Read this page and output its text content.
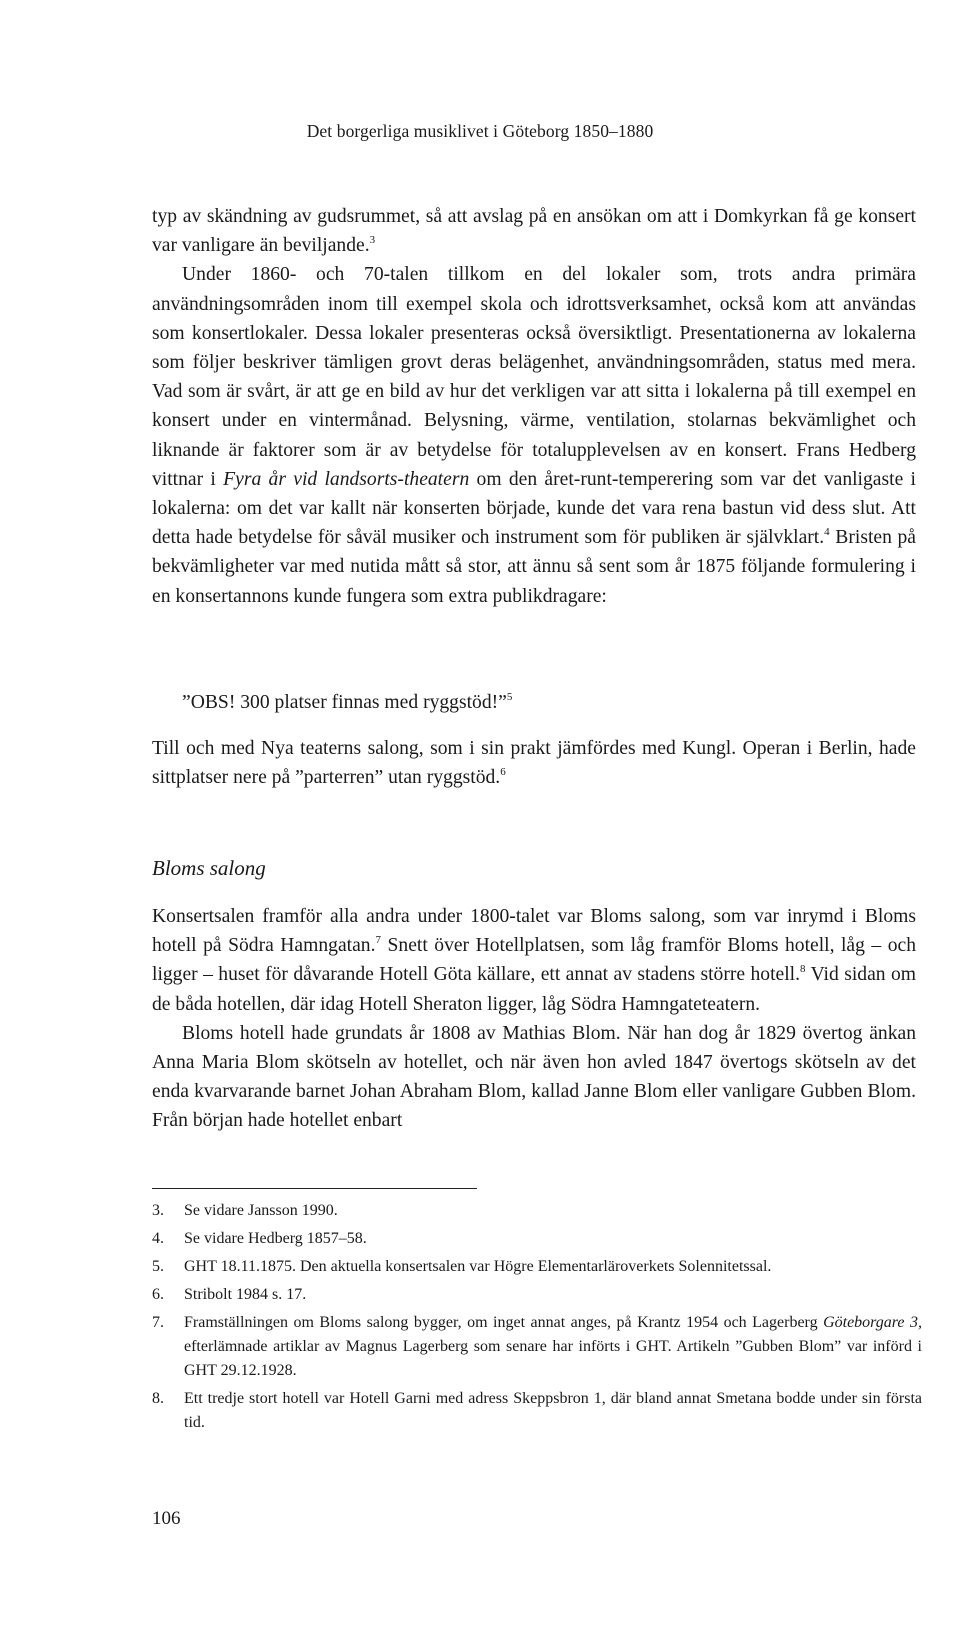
Det borgerliga musiklivet i Göteborg 1850–1880

typ av skändning av gudsrummet, så att avslag på en ansökan om att i Domkyrkan få ge konsert var vanligare än beviljande.$^3$

Under 1860- och 70-talen tillkom en del lokaler som, trots andra primära användningsområden inom till exempel skola och idrottsverksamhet, också kom att användas som konsertlokaler. Dessa lokaler presenteras också översiktligt. Presentationerna av lokalerna som följer beskriver tämligen grovt deras belägenhet, användningsområden, status med mera. Vad som är svårt, är att ge en bild av hur det verkligen var att sitta i lokalerna på till exempel en konsert under en vintermånad. Belysning, värme, ventilation, stolarnas bekvämlighet och liknande är faktorer som är av betydelse för totalupplevelsen av en konsert. Frans Hedberg vittnar i Fyra år vid landsorts-theatern om den året-runt-temperering som var det vanligaste i lokalerna: om det var kallt när konserten började, kunde det vara rena bastun vid dess slut. Att detta hade betydelse för såväl musiker och instrument som för publiken är självklart.$^4$ Bristen på bekvämligheter var med nutida mått så stor, att ännu så sent som år 1875 följande formulering i en konsertannons kunde fungera som extra publikdragare:

”OBS! 300 platser finnas med ryggstöd!”$^5$

Till och med Nya teaterns salong, som i sin prakt jämfördes med Kungl. Operan i Berlin, hade sittplatser nere på ”parterren” utan ryggstöd.$^6$

Bloms salong

Konsertsalen framför alla andra under 1800-talet var Bloms salong, som var inrymd i Bloms hotell på Södra Hamngatan.$^7$ Snett över Hotellplatsen, som låg framför Bloms hotell, låg – och ligger – huset för dåvarande Hotell Göta källare, ett annat av stadens större hotell.$^8$ Vid sidan om de båda hotellen, där idag Hotell Sheraton ligger, låg Södra Hamngateteatern.

Bloms hotell hade grundats år 1808 av Mathias Blom. När han dog år 1829 övertog änkan Anna Maria Blom skötseln av hotellet, och när även hon avled 1847 övertogs skötseln av det enda kvarvarande barnet Johan Abraham Blom, kallad Janne Blom eller vanligare Gubben Blom. Från början hade hotellet enbart

3.	Se vidare Jansson 1990.
4.	Se vidare Hedberg 1857–58.
5.	GHT 18.11.1875. Den aktuella konsertsalen var Högre Elementarläroverkets Solennitetssal.
6.	Stribolt 1984 s. 17.
7.	Framställningen om Bloms salong bygger, om inget annat anges, på Krantz 1954 och Lagerberg Göteborgare 3, efterlämnade artiklar av Magnus Lagerberg som senare har införts i GHT. Artikeln ”Gubben Blom” var införd i GHT 29.12.1928.
8.	Ett tredje stort hotell var Hotell Garni med adress Skeppsbron 1, där bland annat Smetana bodde under sin första tid.
106
